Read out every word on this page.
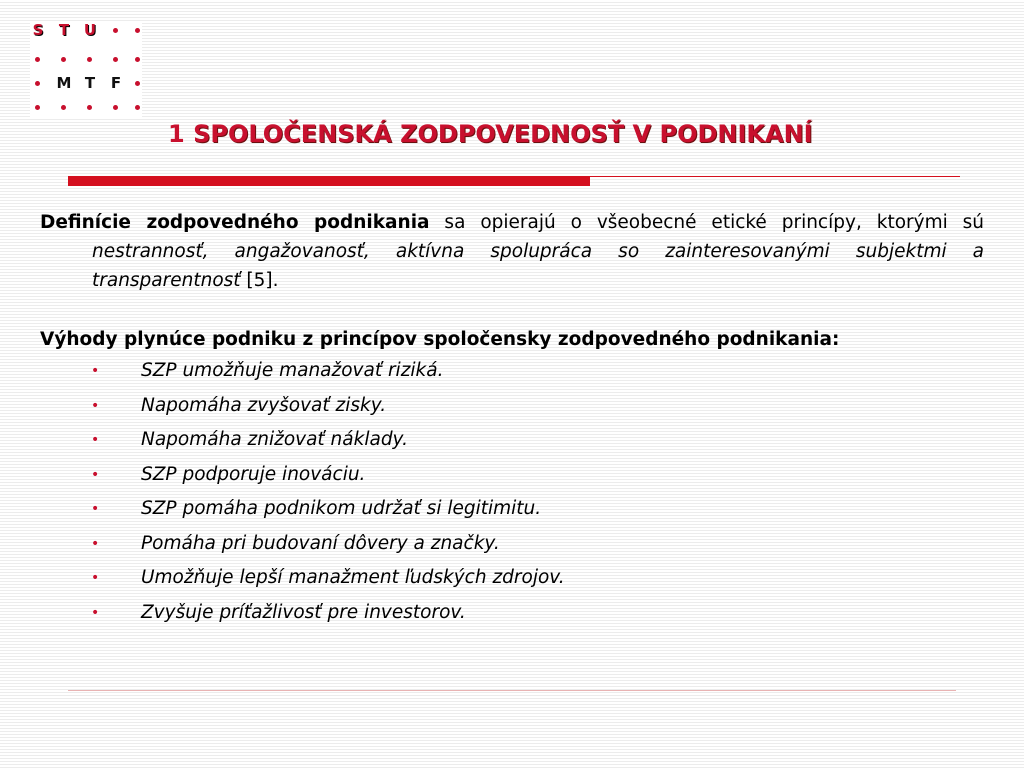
S T U
M T F
1 SPOLOČENSKÁ ZODPOVEDNOSŤ V PODNIKANÍ

Definície zodpovedného podnikania sa opierajú o všeobecné etické princípy, ktorými sú nestrannosť, angažovanosť, aktívna spolupráca so zainteresovanými subjektmi a transparentnosť [5].

Výhody plynúce podniku z princípov spoločensky zodpovedného podnikania:

• SZP umožňuje manažovať riziká.
• Napomáha zvyšovať zisky.
• Napomáha znižovať náklady.
• SZP podporuje inováciu.
• SZP pomáha podnikom udržať si legitimitu.
• Pomáha pri budovaní dôvery a značky.
• Umožňuje lepší manažment ľudských zdrojov.
• Zvyšuje príťažlivosť pre investorov.
